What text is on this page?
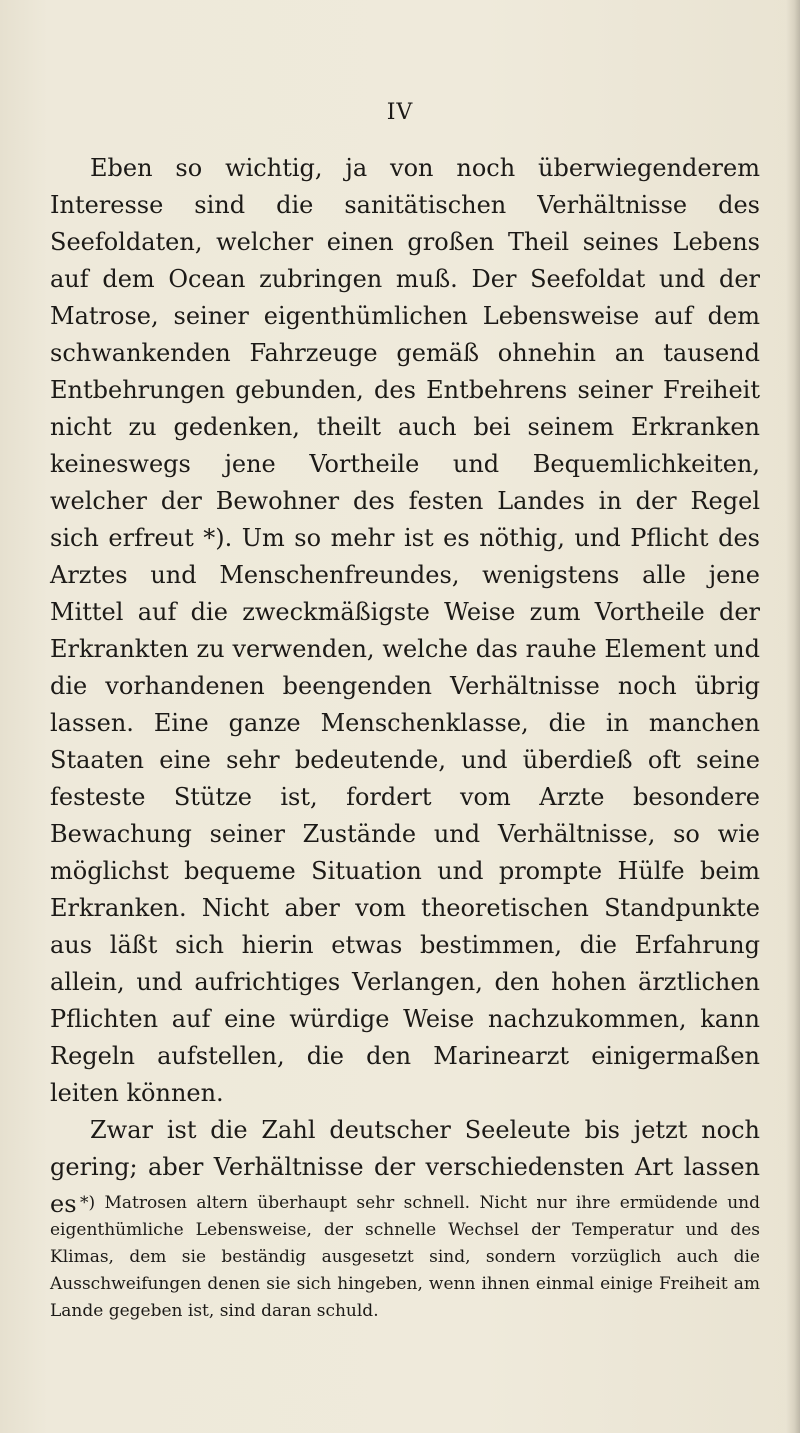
IV

Eben so wichtig, ja von noch überwiegenderem Interesse sind die sanitätischen Verhältnisse des Seefoldaten, welcher einen großen Theil seines Lebens auf dem Ocean zubringen muß. Der Seefoldat und der Matrose, seiner eigenthümlichen Lebensweise auf dem schwankenden Fahrzeuge gemäß ohnehin an tausend Entbehrungen gebunden, des Entbehrens seiner Freiheit nicht zu gedenken, theilt auch bei seinem Erkranken keineswegs jene Vortheile und Bequemlichkeiten, welcher der Bewohner des festen Landes in der Regel sich erfreut *). Um so mehr ist es nöthig, und Pflicht des Arztes und Menschenfreundes, wenigstens alle jene Mittel auf die zweckmäßigste Weise zum Vortheile der Erkrankten zu verwenden, welche das rauhe Element und die vorhandenen beengenden Verhältnisse noch übrig lassen. Eine ganze Menschenklasse, die in manchen Staaten eine sehr bedeutende, und überdieß oft seine festeste Stütze ist, fordert vom Arzte besondere Bewachung seiner Zustände und Verhältnisse, so wie möglichst bequeme Situation und prompte Hülfe beim Erkranken. Nicht aber vom theoretischen Standpunkte aus läßt sich hierin etwas bestimmen, die Erfahrung allein, und aufrichtiges Verlangen, den hohen ärztlichen Pflichten auf eine würdige Weise nachzukommen, kann Regeln aufstellen, die den Marinearzt einigermaßen leiten können.

Zwar ist die Zahl deutscher Seeleute bis jetzt noch gering; aber Verhältnisse der verschiedensten Art lassen es *) Matrosen altern überhaupt sehr schnell. Nicht nur ihre ermüdende und eigenthümliche Lebensweise, der schnelle Wechsel der Temperatur und des Klimas, dem sie beständig ausgesetzt sind, sondern vorzüglich auch die Ausschweifungen denen sie sich hingeben, wenn ihnen einmal einige Freiheit am Lande gegeben ist, sind daran schuld.
